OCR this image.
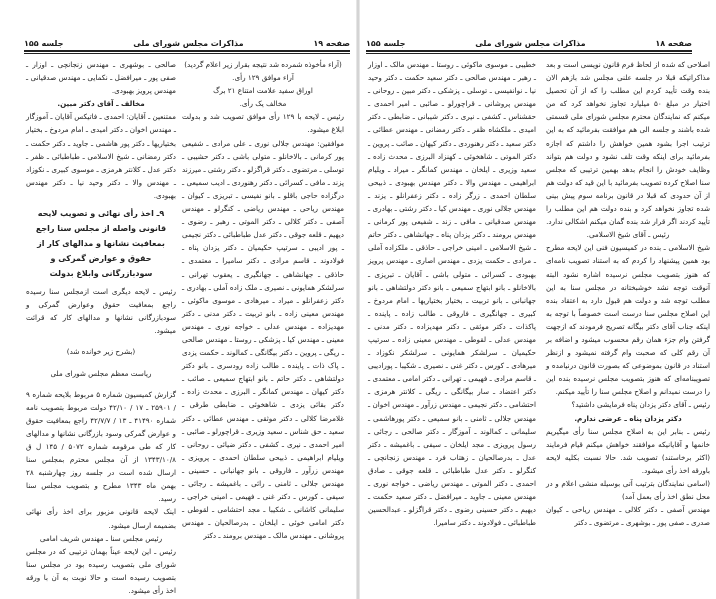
صفحه ۱۹
مذاکرات مجلس شورای ملی
جلسه ۱۵۵

(آراء مأخوذه شمرده شد نتیجه بقرار زیر اعلام گردید)

آراء موافق ۱۲۹ رأی.

اوراق سفید علامت امتناع ۲۱ برگ

مخالف یک رأی.

رئیس ـ لایحه با ۱۲۹ رأی موافق تصویب شد و بدولت ابلاغ میشود.

موافقین: مهندس جلالی نوری ـ علی مرادی ـ شفیعی پور کرمانی ـ بالاخانلو ـ متولی باشی ـ دکتر حشیبی ـ توسلی ـ مرتضوی ـ دکتر قراگزلو ـ دکتر رشتی ـ میرزند پزند ـ مافی ـ کسرائی ـ دکتر رهنوردی ـ ادیب سمیعی ـ درگزاده حاجی باقلو ـ بانو نفیسی ـ تبریزی ـ کیوان ـ مهندس ریاحی ـ مهندس ریاضی ـ کنگرلو ـ مهندس آصفی ـ دکتر کلالی ـ دکتر الموتی ـ رهبر ـ رضوی ـ دیهیم ـ قلعه جوقی ـ دکتر عدل طباطبائی ـ دکتر نجیمی ـ پور ادیبی ـ سرتیپ حکیمیان ـ دکتر یزدان پناه ـ فولادوند ـ قاسم مرادی ـ دکتر سامیرا ـ معتمدی ـ حاذقی ـ جهانشاهی ـ جهانگیری ـ یعقوب تهرانی ـ سرلشکر همایونی ـ نصیری ـ ملک زاده آملی ـ بهادری ـ دکتر زعفرانلو ـ میراد ـ میرهادی ـ موسوی ماکوئی ـ مهندس معینی زاده ـ بانو تربیت ـ دکتر مدنی ـ دکتر مهدیزاده ـ مهندس عدلی ـ خواجه نوری ـ مهندس معینی ـ مهندس کیا ـ پزشکی ـ روستا ـ مهندس صالحی ـ ریگی ـ پروین ـ دکتر بیگانگی ـ کمالوند ـ حکمت یزدی ـ پاک ذات ـ پاینده ـ طالب زاده رودسری ـ بانو دکتر دولتشاهی ـ دکتر حاتم ـ بانو ابتهاج سمیعی ـ صائب ـ دکتر کیهان ـ مهندس کمانگر ـ البرزی ـ محدث زاده ـ دکتر بقائی یزدی ـ شاهخوئی ـ ضابطی طرقی ـ غلامرضا کلالی ـ دکتر موثقی ـ مهندس عطائی ـ دکتر سعید ـ حق شناس ـ سعید وزیری ـ قراچورلو ـ صائبی ـ امیر احمدی ـ نیری ـ کشفی ـ دکتر ضیائی ـ روحانی ـ ویلیام ابراهیمی ـ ذبیحی سلطان احمدی ـ پرویزی ـ مهندس زرآور ـ فاروقی ـ بانو جهانبانی ـ حسینی ـ مهندس جلالی ـ ثامنی ـ رائی ـ باغمیشه ـ رجائی ـ سیفی ـ کورس ـ دکتر غنی ـ فهیمی ـ امینی خراجی ـ سلیمانی کاشانی ـ شکیبا ـ مجد احتشامی ـ لقوطی ـ دکتر امامی خوئی ـ ایلخان ـ بدرصالحیان ـ مهندس پروشانی ـ مهندس مالک ـ مهندس برومند ـ دکتر

صالحی ـ بوشهری ـ مهندس زنجانچی ـ اوزار ـ صفی پور ـ میرافضل ـ نکمایی ـ مهندس صدقیانی ـ مهندس پرویز بهبودی.

مخالف ـ آقای دکتر مبین.

ممتنعین ـ آقایان: احمدی ـ فاتیکس آقایان ـ آموزگار ـ مهندس اخوان ـ دکتر امیدی ـ امام مردوخ ـ بختیار بختیاریها ـ دکتر پور هاشمی ـ جاوید ـ دکتر حکمت ـ دکتر رمضانی ـ شیخ الاسلامی ـ طباطبائی ـ ظفر ـ دکتر عدل ـ کلانتر هرمزی ـ موسوی کبیری ـ نکوزاد ـ مهندس والا ـ دکتر وحید نیا ـ دکتر مهندس بهبودی.

۹ـ اخذ رأی نهائی و تصویب لایحه قانونی واصله از مجلس سنا راجع بمعافیت نشانها و مدالهای کار از حقوق و عوارض گمرکی و سودبازرگانی وابلاغ بدولت

رئیس ـ لایحه دیگری است ازمجلس سنا رسیده راجع بمعافیت حقوق وعوارض گمرکی و سودبازرگانی نشانها و مدالهای کار که قرائت میشود.

(بشرح زیر خوانده شد)

ریاست معظم مجلس شورای ملی

گزارش کمیسیون شماره ۵ مربوط بلایحه شماره ۹ / ۲۵۹۰۱ ـ ۱۷ / ۴۲/۱۰ دولت مربوط بتصویب نامه شماره ۴۱۴۹۰ ـ ۱۳ / ۴۲/۷/۷ راجع بمعافیت حقوق و عوارض گمرکی وسود بازرگانی نشانها و مدالهای کار که طی مرقومه شماره ۵۰۷۲ / ۱۴۵ ل ق ۱۳۴۳/۱۰/۸ از آن مجلس محترم بمجلس سنا ارسال شده است در جلسه روز چهارشنبه ۲۸ بهمن ماه ۱۳۴۳ مطرح و بتصویب مجلس سنا رسید.

اینک لایحه قانونی مزبور برای اخذ رأی نهائی بضمیمه ارسال میشود.

رئیس مجلس سنا ـ مهندس شریف امامی

رئیس ـ این لایحه عیناً بهمان ترتیبی که در مجلس شورای ملی بتصویب رسیده بود در مجلس سنا بتصویب رسیده است و حالا نوبت به آن با ورقه اخذ رأی میشود.

صفحه ۱۸
مذاکرات مجلس شورای ملی
جلسه ۱۵۵

اصلاحی که شده از لحاظ فرم قانون نویسی است و بعد مذاکراتیکه قبلا در جلسه علنی مجلس شد بازهم الان بنده وقت تأیید کردم این مطلب را که از آن تحصیل اختیار در مبلغ ۵۰ میلیارد تجاوز نخواهد کرد که من میکنم که نمایندگان محترم مجلس شورای ملی قسمتی شده باشند و جلسه الی هم موافقت بفرمائید که به این ترتیب اجرا بشود همین خواهش را داشتم که اجازه بفرمائید برای اینکه وقت تلف نشود و دولت هم بتواند وظایف خودش را انجام بدهد بهمین ترتیبی که مجلس سنا اصلاح کرده تصویب بفرمائید با این قید که دولت هم از آن حدودی که قبلا در قانون برنامه سوم پیش بینی شده تجاوز نخواهد کرد و بنده دولت هم این مطلب را تأیید کردند اگر قرار شد بنده گمان میکنم اشکالی ندارد.

رئیس ـ آقای شیخ الاسلامی.

شیخ الاسلامی ـ بنده در کمیسیون فنی این لایحه مطرح بود همین پیشنهاد را کردم که به استناد تصویب نامه‌ای که هنوز بتصویب مجلس نرسیده اشاره نشود البته آنوقت توجه نشد خوشبختانه در مجلس سنا به این مطلب توجه شد و دولت هم قبول دارد به اعتقاد بنده این اصلاح مجلس سنا درست است خصوصاً با توجه به اینکه جناب آقای دکتر بیگانه تصریح فرمودند که ازجهت گرفتن وام جزء همان رقم محسوب میشود و اضافه بر آن رقم کلی که صحبت وام گرفته نمیشود و ازنظر استناد در قانون بموضوعی که بصورت قانون درنیامده و تصویبنامه‌ای که هنوز بتصویب مجلس نرسیده بنده این را درست نمیدانم و اصلاح مجلس سنا را تأیید میکنم.

رئیس ـ آقای دکتر یزدان پناه فرمایشی داشتید؟

دکتر یزدان پناه ـ عرضی ندارم.

رئیس ـ بنابر این به اصلاح مجلس سنا رأی میگیریم خانمها و آقایانیکه موافقند خواهش میکنم قیام فرمایند (اکثر برخاستند) تصویب شد. حالا نسبت بکلیه لایحه باورقه اخذ رأی میشود.

(اسامی نمایندگان بترتیب آتی بوسیله منشی اعلام و در محل نطق اخذ رأی بعمل آمد)

مهندس آصفی ـ دکتر کلالی ـ مهندس ریاحی ـ کیوان صدری ـ صفی پور ـ بوشهری ـ مرتضوی ـ دکتر

خطیبی ـ موسوی ماکوئی ـ روستا ـ مهندس مالک ـ اوزار ـ رهبر ـ مهندس صالحی ـ دکتر سعید حکمت ـ دکتر وحید نیا ـ نوانفیسی ـ توسلی ـ پزشکی ـ دکتر مبین ـ روحانی ـ مهندس پروشانی ـ قراچورلو ـ صائبی ـ امیر احمدی ـ حقشناس ـ کشفی ـ نیری ـ دکتر شیبانی ـ ضابطی ـ دکتر امیدی ـ ملکشاه ظفر ـ دکتر رمضانی ـ مهندس عطائی ـ دکتر سعید ـ دکتر رهنوردی ـ دکتر کیهان ـ صائب ـ پروین ـ دکتر الموتی ـ شاهخوئی ـ کهنزاد البرزی ـ محدث زاده ـ سعید وزیری ـ ایلخان ـ مهندس کمانگر ـ میراد ـ ویلیام ابراهیمی ـ مهندس والا ـ دکتر مهندس بهبودی ـ ذبیحی سلطان احمدی ـ زرگر زاده ـ دکتر زعفرانلو ـ یزند ـ مهندس جلالی نوری ـ مهندس کیا ـ دکتر رشتی ـ بهادری ـ مهندس صدقیانی ـ مافی ـ زند ـ شفیعی پور کرمانی ـ مهندس برومند ـ دکتر یزدان پناه ـ جهانشاهی ـ دکتر حاتم ـ شیخ الاسلامی ـ امینی خراجی ـ حاذقی ـ ملکزاده آملی ـ مرادی ـ حکمت یزدی ـ مهندس اصاری ـ مهندس پرویز بهبودی ـ کسرائی ـ متولی باشی ـ آقایان ـ تبریزی ـ بالاخانلو ـ بانو ابتهاج سمیعی ـ بانو دکتر دولتشاهی ـ بانو جهانبانی ـ بانو تربیت ـ بختیار بختیاریها ـ امام مردوخ ـ کبیری ـ جهانگیری ـ فاروقی ـ طالب زاده ـ پاینده ـ پاکذات ـ دکتر موثقی ـ دکتر مهدیزاده ـ دکتر مدنی ـ مهندس عدلی ـ لقوطی ـ مهندس معینی زاده ـ سرتیپ حکیمیان ـ سرلشکر همایونی ـ سرلشکر نکوزاد ـ میرهادی ـ کورس ـ دکتر غنی ـ نصیری ـ شکیبا ـ پورادیبی ـ قاسم مرادی ـ فهیمی ـ تهرانی ـ دکتر امامی ـ معتمدی ـ دکتر اعتضاد ـ سار بیگانگی ـ ریگی ـ کلانتر هرمزی ـ احتشامی ـ دکتر نجیمی ـ مهندس زرآور ـ مهندس اخوان ـ مهندس جلالی ـ ثامنی ـ بانو سمیعی ـ دکتر پورهاشمی ـ سلیمانی ـ کمالوند ـ آموزگار ـ دکتر صالحی ـ رجائی ـ رسول پرویزی ـ مجد ایلخان ـ سیفی ـ باغمیشه ـ دکتر عدل ـ بدرصالحیان ـ زهتاب فرد ـ مهندس زنجانچی ـ کنگرلو ـ دکتر عدل طباطبائی ـ قلعه جوقی ـ صادق احمدی ـ دکتر الموتی ـ مهندس ریاضی ـ خواجه نوری ـ مهندس معینی ـ جاوید ـ میرافضل ـ دکتر سعید حکمت ـ دیهیم ـ دکتر حسینی رضوی ـ دکتر قراگزلو ـ عبدالحسین طباطبائی ـ فولادوند ـ دکتر سامیرا.
